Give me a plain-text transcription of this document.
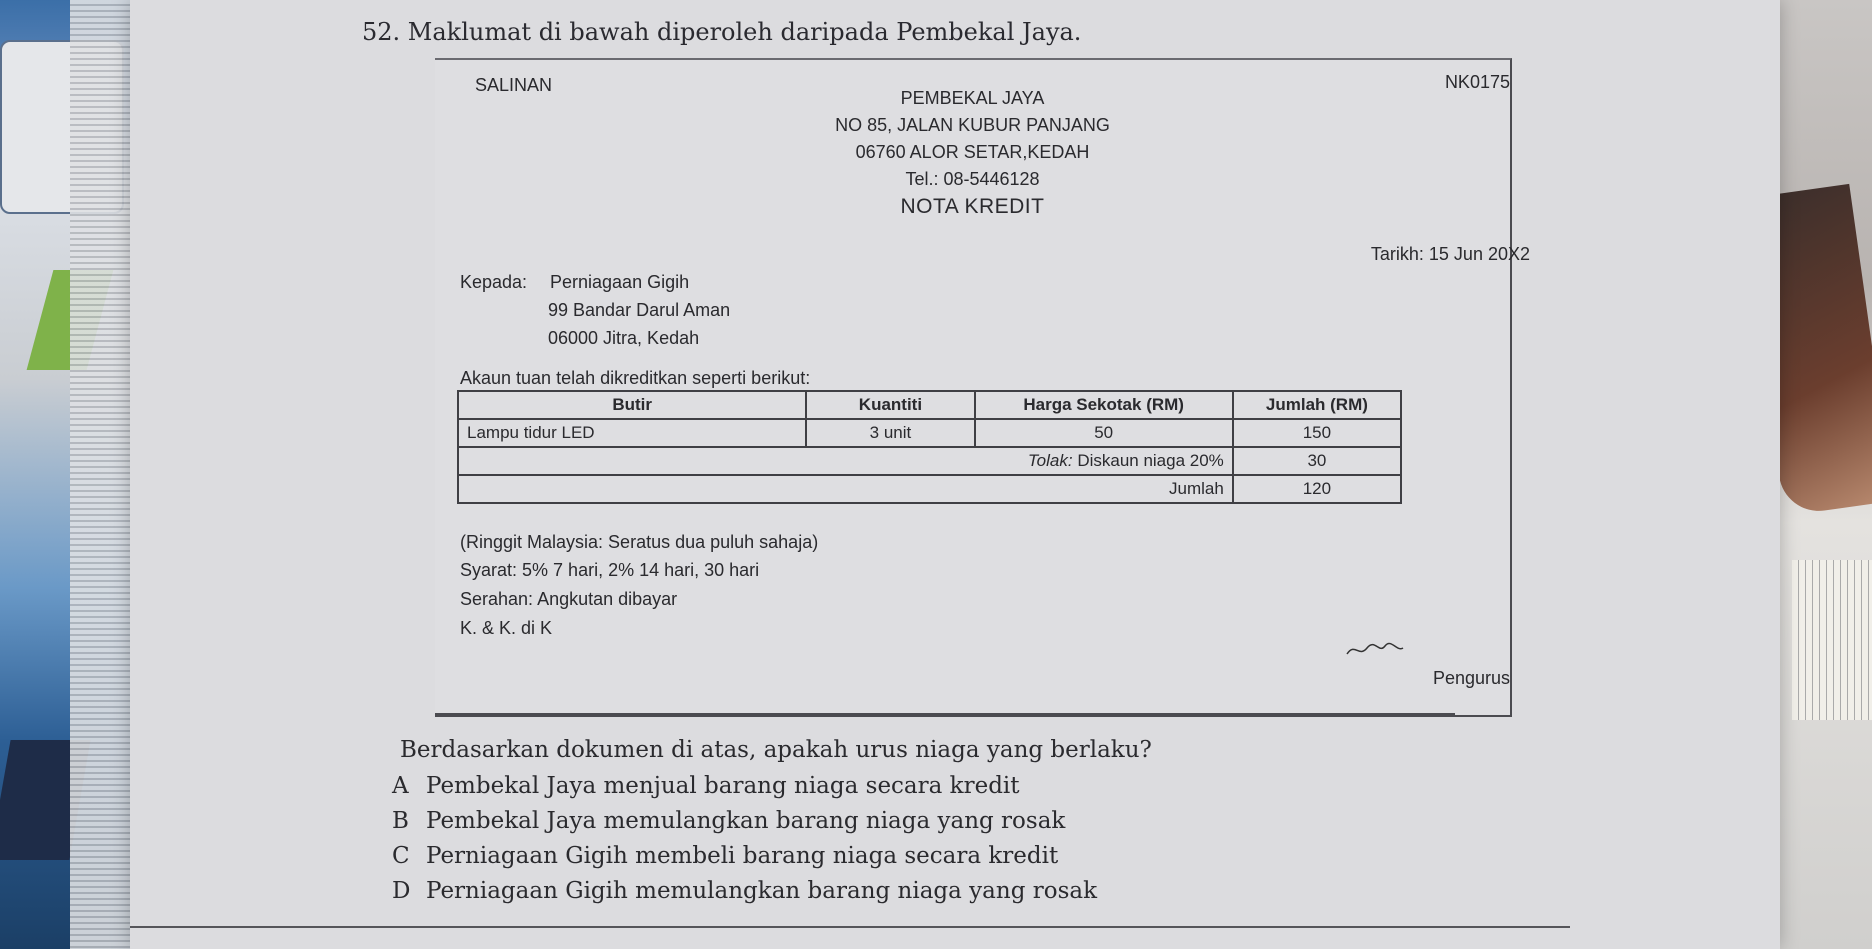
52. Maklumat di bawah diperoleh daripada Pembekal Jaya.
PEMBEKAL JAYA
NO 85, JALAN KUBUR PANJANG
06760 ALOR SETAR,KEDAH
Tel.: 08-5446128
NOTA KREDIT
SALINAN	NK0175
Tarikh: 15 Jun 20X2
Kepada: Perniagaan Gigih
99 Bandar Darul Aman
06000 Jitra, Kedah
Akaun tuan telah dikreditkan seperti berikut:
Butir	Kuantiti	Harga Sekotak (RM)	Jumlah (RM)
Lampu tidur LED	3 unit	50	150
Tolak: Diskaun niaga 20%			30
Jumlah			120
(Ringgit Malaysia: Seratus dua puluh sahaja)
Syarat: 5% 7 hari, 2% 14 hari, 30 hari
Serahan: Angkutan dibayar
K. & K. di K
Pengurus
Berdasarkan dokumen di atas, apakah urus niaga yang berlaku?
A Pembekal Jaya menjual barang niaga secara kredit
B Pembekal Jaya memulangkan barang niaga yang rosak
C Perniagaan Gigih membeli barang niaga secara kredit
D Perniagaan Gigih memulangkan barang niaga yang rosak
